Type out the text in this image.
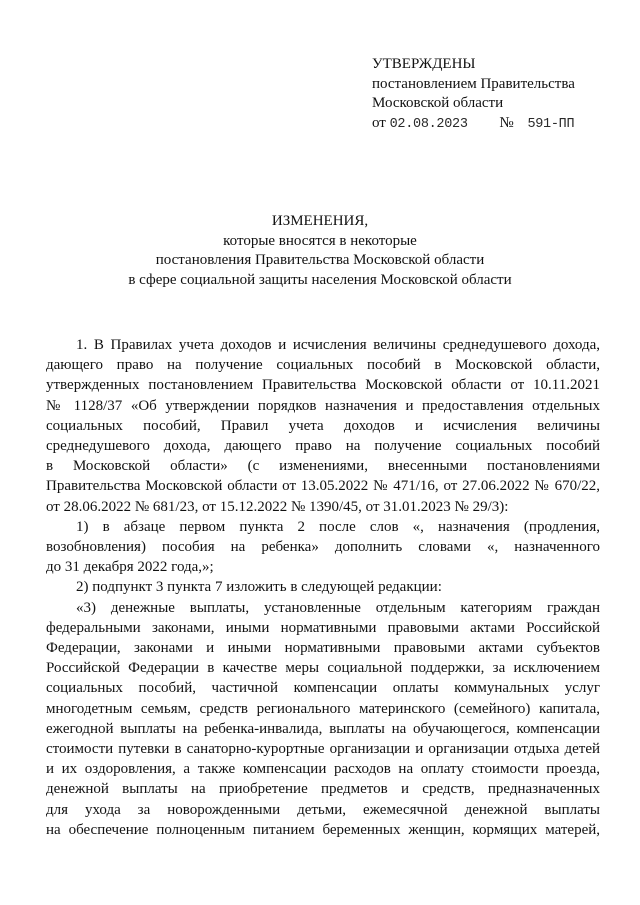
УТВЕРЖДЕНЫ
постановлением Правительства
Московской области
от 02.08.2023 № 591-ПП
ИЗМЕНЕНИЯ,
которые вносятся в некоторые
постановления Правительства Московской области
в сфере социальной защиты населения Московской области
1. В Правилах учета доходов и исчисления величины среднедушевого дохода,
дающего право на получение социальных пособий в Московской области,
утвержденных постановлением Правительства Московской области от 10.11.2021
№ 1128/37 «Об утверждении порядков назначения и предоставления отдельных
социальных пособий, Правил учета доходов и исчисления величины
среднедушевого дохода, дающего право на получение социальных пособий
в Московской области» (с изменениями, внесенными постановлениями
Правительства Московской области от 13.05.2022 № 471/16, от 27.06.2022 № 670/22,
от 28.06.2022 № 681/23, от 15.12.2022 № 1390/45, от 31.01.2023 № 29/3):
1) в абзаце первом пункта 2 после слов «, назначения (продления,
возобновления) пособия на ребенка» дополнить словами «, назначенного
до 31 декабря 2022 года,»;
2) подпункт 3 пункта 7 изложить в следующей редакции:
«3) денежные выплаты, установленные отдельным категориям граждан
федеральными законами, иными нормативными правовыми актами Российской
Федерации, законами и иными нормативными правовыми актами субъектов
Российской Федерации в качестве меры социальной поддержки, за исключением
социальных пособий, частичной компенсации оплаты коммунальных услуг
многодетным семьям, средств регионального материнского (семейного) капитала,
ежегодной выплаты на ребенка-инвалида, выплаты на обучающегося, компенсации
стоимости путевки в санаторно-курортные организации и организации отдыха детей
и их оздоровления, а также компенсации расходов на оплату стоимости проезда,
денежной выплаты на приобретение предметов и средств, предназначенных
для ухода за новорожденными детьми, ежемесячной денежной выплаты
на обеспечение полноценным питанием беременных женщин, кормящих матерей,
